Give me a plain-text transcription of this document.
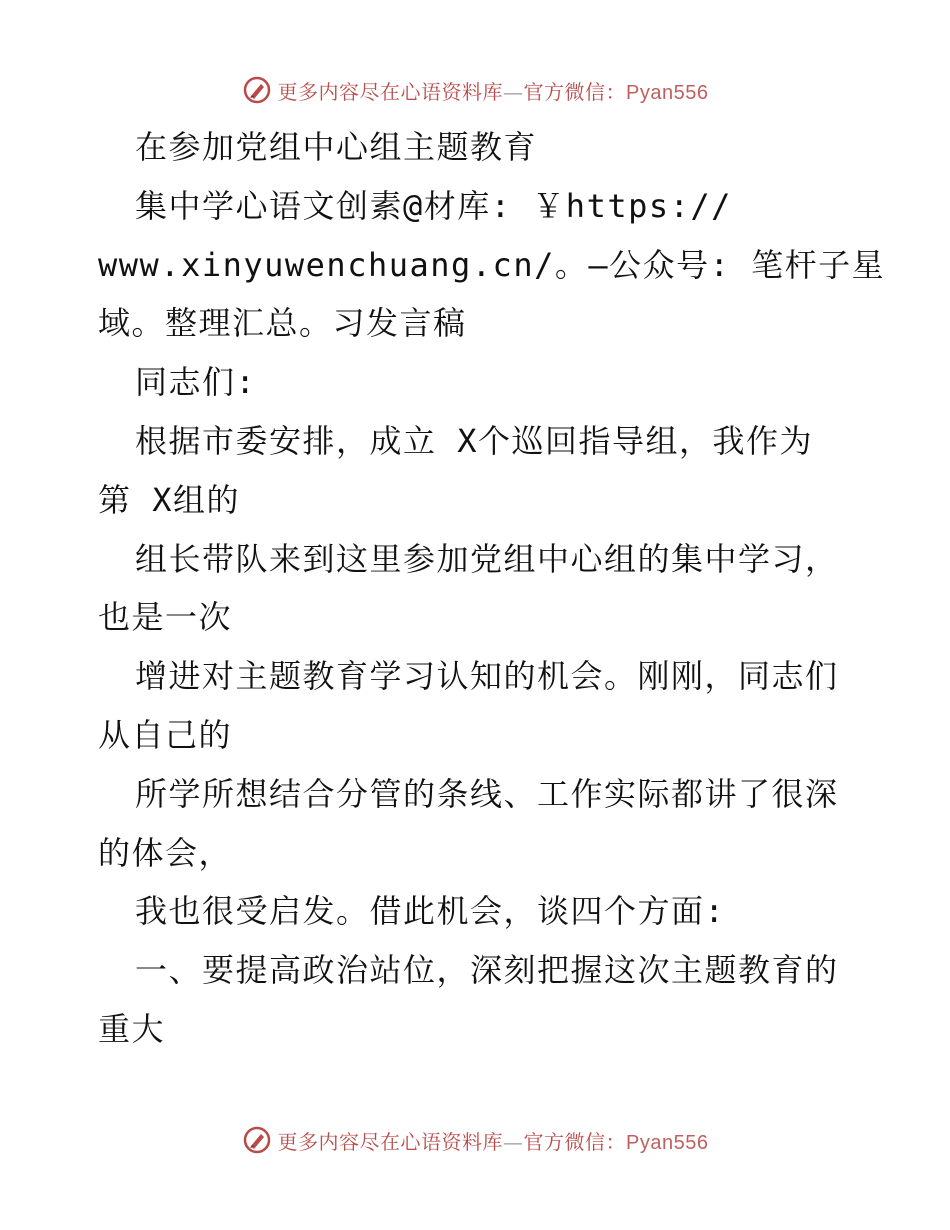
更多内容尽在心语资料库—官方微信：Pyan556
在参加党组中心组主题教育
集中学心语文创素@材库: ￥https://
www.xinyuwenchuang.cn/。—公众号: 笔杆子星
域。整理汇总。习发言稿
同志们:
根据市委安排，成立 X个巡回指导组，我作为
第 X组的
组长带队来到这里参加党组中心组的集中学习，
也是一次
增进对主题教育学习认知的机会。刚刚，同志们
从自己的
所学所想结合分管的条线、工作实际都讲了很深
的体会，
我也很受启发。借此机会，谈四个方面:
一、要提高政治站位，深刻把握这次主题教育的
重大
更多内容尽在心语资料库—官方微信：Pyan556
